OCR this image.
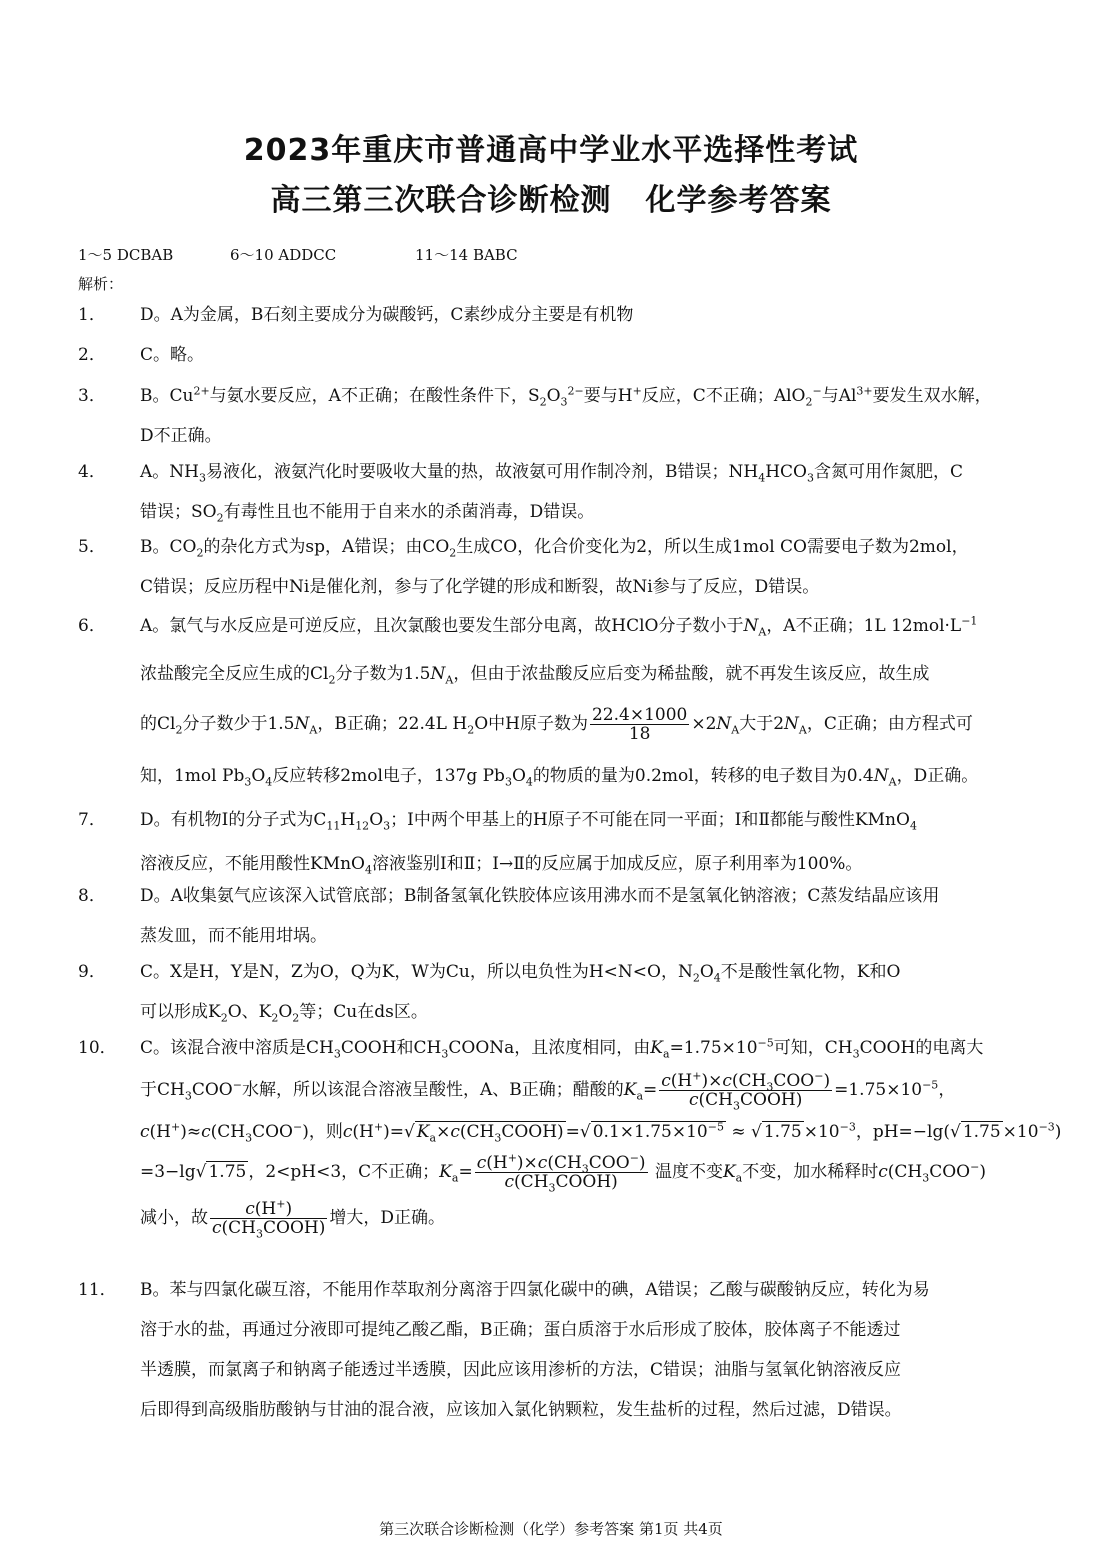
2023年重庆市普通高中学业水平选择性考试
高三第三次联合诊断检测 化学参考答案
1～5 DCBAB	6～10 ADDCC	11～14 BABC
解析：
1． D。A为金属，B石刻主要成分为碳酸钙，C素纱成分主要是有机物
2． C。略。
3． B。$Cu^{2+}$与氨水要反应，A不正确；在酸性条件下，$S_2O_3^{2-}$要与H+反应，C不正确；AlO$_2$−与$Al^{3+}$要发生双水解，
D不正确。
4． A。$NH_3$易液化，液氨汽化时要吸收大量的热，故液氨可用作制冷剂，B错误；$NH_4HCO_3$含氮可用作氮肥，C
错误；$SO_2$有毒性且也不能用于自来水的杀菌消毒，D错误。
5． B。$CO_2$的杂化方式为sp，A错误；由$CO_2$生成CO，化合价变化为2，所以生成1mol CO需要电子数为2mol，
C错误；反应历程中Ni是催化剂，参与了化学键的形成和断裂，故Ni参与了反应，D错误。
6． A。氯气与水反应是可逆反应，且次氯酸也要发生部分电离，故HClO分子数小于$N_A$，A不正确；1L $12mol\cdot L^{-1}$
浓盐酸完全反应生成的$Cl_2$分子数为$1.5N_A$，但由于浓盐酸反应后变为稀盐酸，就不再发生该反应，故生成
的$Cl_2$分子数少于$1.5N_A$，B正确；22.4L $H_2O$中H原子数为 $\frac{22.4\times 1000}{18} \times 2N_A$大于$2N_A$，C正确；由方程式可
知，1mol $Pb_3O_4$反应转移2mol电子，137g $Pb_3O_4$的物质的量为0.2mol，转移的电子数目为$0.4N_A$，D正确。
7． D。有机物Ⅰ的分子式为$C_{11}H_{12}O_3$；Ⅰ中两个甲基上的H原子不可能在同一平面；Ⅰ和Ⅱ都能与酸性KMnO$_4$
溶液反应，不能用酸性KMnO$_4$溶液鉴别Ⅰ和Ⅱ；Ⅰ→Ⅱ的反应属于加成反应，原子利用率为100%。
8． D。A收集氨气应该深入试管底部；B制备氢氧化铁胶体应该用沸水而不是氢氧化钠溶液；C蒸发结晶应该用
蒸发皿，而不能用坩埚。
9． C。X是H，Y是N，Z为O，Q为K，W为Cu，所以电负性为H<N<O，$N_2O_4$不是酸性氧化物，K和O
可以形成$K_2O$、$K_2O_2$等；Cu在ds区。
10． C。该混合液中溶质是$CH_3COOH$和$CH_3COONa$，且浓度相同，由$K_a=1.75\times 10^{-5}$可知，$CH_3COOH$的电离大
于$CH_3COO^-$水解，所以该混合溶液呈酸性，A、B正确；醋酸的$K_a= \frac{c(H^+)\times c(CH_3COO^-)}{c(CH_3COOH)} =1.75\times 10^{-5}$，
$c(H^+)\approx c(CH_3COO^-)$，则c(H+)=√ $K_a\times c(CH_3COOH)$ =√ $0.1\times 1.75\times 10^{-5}$ ≈ √ $1.75 \times 10^{-3}$，pH=−lg(√ $1.75 \times 10^{-3}$)
=3−lg√ 1.75 ，2<pH<3，C不正确；$K_a= \frac{c(H^+)\times c(CH_3COO^-)}{c(CH_3COOH)}$ 温度不变$K_a$不变，加水稀释时$c(CH_3COO^-)$
减小，故 $\frac{c(H^+)}{c(CH_3COOH)}$ 增大，D正确。
11． B。苯与四氯化碳互溶，不能用作萃取剂分离溶于四氯化碳中的碘，A错误；乙酸与碳酸钠反应，转化为易
溶于水的盐，再通过分液即可提纯乙酸乙酯，B正确；蛋白质溶于水后形成了胶体，胶体离子不能透过
半透膜，而氯离子和钠离子能透过半透膜，因此应该用渗析的方法，C错误；油脂与氢氧化钠溶液反应
后即得到高级脂肪酸钠与甘油的混合液，应该加入氯化钠颗粒，发生盐析的过程，然后过滤，D错误。
第三次联合诊断检测（化学）参考答案 第1页 共4页
